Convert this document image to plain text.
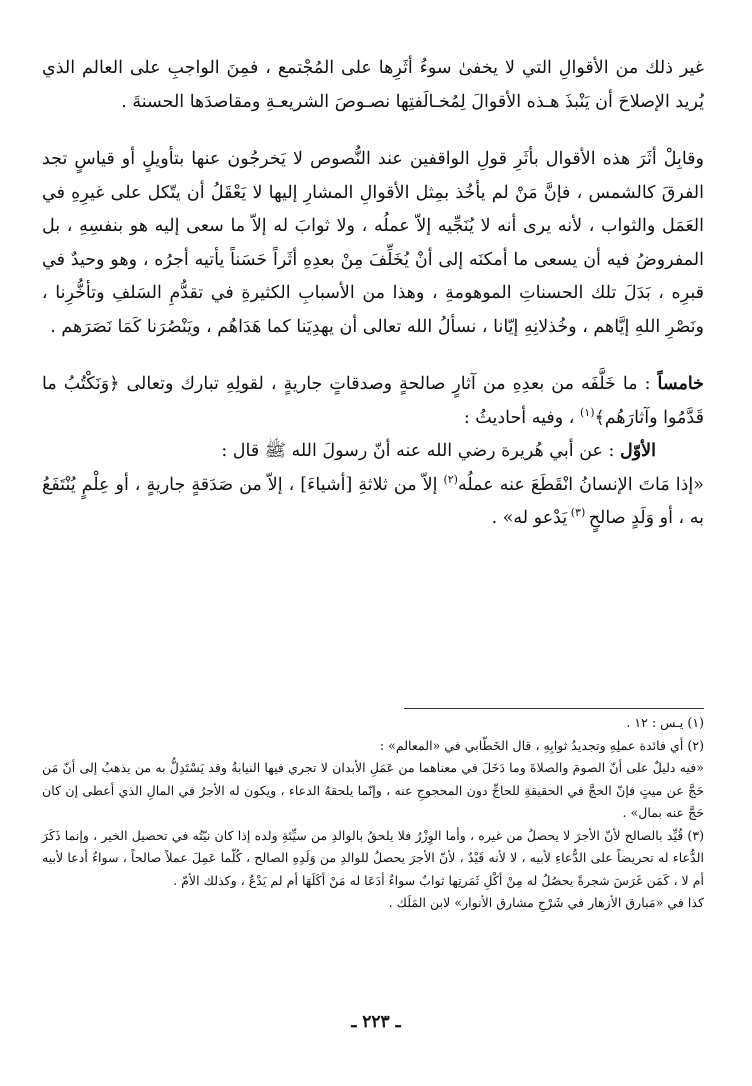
غير ذلك من الأقوالِ التي لا يخفىٰ سوءُ أثَرِها على المُجْتمع ، فمِنَ الواجبِ على العالم الذي يُريد الإصلاحَ أن يَنْبذَ هـذه الأقوالَ لِمُخـالَفتِها نصـوصَ الشريعـةِ ومقاصدَها الحسنةَ .

وقابِلْ أثَرَ هذه الأقوال بأثَرِ قولِ الواقفين عند النُّصوص لا يَخرجُون عنها بتأويلٍ أو قياسٍ تجد الفرقَ كالشمس ، فإنَّ مَنْ لم يأخُذ بمِثل الأقوالِ المشارِ إليها لا يَعْقَلُ أن يتّكل على غيرِهِ في العَمَل والثواب ، لأنه يرى أنه لا يُنَجِّيه إلاّ عملُه ، ولا ثوابَ له إلاّ ما سعى إليه هو بنفسِهِ ، بل المفروضُ فيه أن يسعى ما أمكنَه إلى أنْ يُخَلِّفَ مِنْ بعدِهِ أثَراً حَسَناً يأتيه أجرُه ، وهو وحيدٌ في قبرِه ، بَدَلَ تلك الحسناتِ الموهومةِ ، وهذا من الأسبابِ الكثيرةِ في تقدُّمِ السَلفِ وتأخُّرِنا ، ونَصْرِ اللهِ إيَّاهم ، وخُذلانِهِ إيّانا ، نسألُ الله تعالى أن يهدِيَنا كما هَدَاهُم ، ويَنْصُرَنا كَمَا نَصَرَهم .

خامساً : ما خَلَّفَه من بعدِهِ من آثارٍ صالحةٍ وصدقاتٍ جاريةٍ ، لقولِهِ تبارك وتعالى ﴿وَنَكْتُبُ ما قَدَّمُوا وآثارَهُم﴾$^{(١)}$ ، وفيه أحاديثُ :

الأوّل : عن أبي هُريرة رضي الله عنه أنّ رسولَ الله ﷺ قال :

«إذا مَاتَ الإنسانُ انْقَطَعَ عنه عملُه$^{(٢)}$ إلاّ من ثلاثةِ [أشياءَ] ، إلاّ من صَدَقةٍ جاريةٍ ، أو عِلْمٍ يُنْتَفَعُ به ، أو وَلَدٍ صالحٍ $^{(٣)}$ يَدْعو له» .

(١) يـس : ١٢ .

(٢) أي فائدة عملِهِ وتجديدُ ثوابِهِ ، قال الخَطّابي في «المعالم» :

«فيه دليلٌ على أنّ الصومَ والصلاةَ وما دَخَلَ في معناهما من عَمَلِ الأبدان لا تجري فيها النيابةُ وقد يَسْتَدِلُّ به من يذهبُ إلى أنّ مَن حَجَّ عن ميتٍ فإنّ الحجَّ في الحقيقةِ للحاجِّ دون المحجوجِ عنه ، وإنّما يلحقهُ الدعاء ، ويكون له الأجرُ في المالِ الذي أعطى إن كان حَجَّ عنه بمال» .

(٣) قُيِّد بالصالح لأنّ الأجرَ لا يحصلُ من غيره ، وأما الوِزْرُ فلا يلحقُ بالوالدِ من سيِّئةِ ولده إذا كان نيّتُه في تحصيل الخير ، وإنما ذَكَرَ الدُّعاء له تحريضاً على الدُّعاءِ لأبيه ، لا لأنه قَيْدٌ ، لأنّ الأجرَ يحصلُ للوالدِ من وَلَدِهِ الصالح ، كُلّما عَمِلَ عملاً صالحاً ، سواءٌ أدعا لأبيه أم لا ، كَمَن غَرَسَ شجرةً يحصُلُ له مِنْ أكْلِ ثَمَرتِها ثوابٌ سواءٌ أدَعَا له مَنْ أكَلَهَا أم لم يَدْعُ ، وكذلك الأمّ .

كذا في «مَبارق الأزهار في شَرْحِ مشارق الأنوار» لابن المَلَك .

ـ ٢٢٣ ـ
